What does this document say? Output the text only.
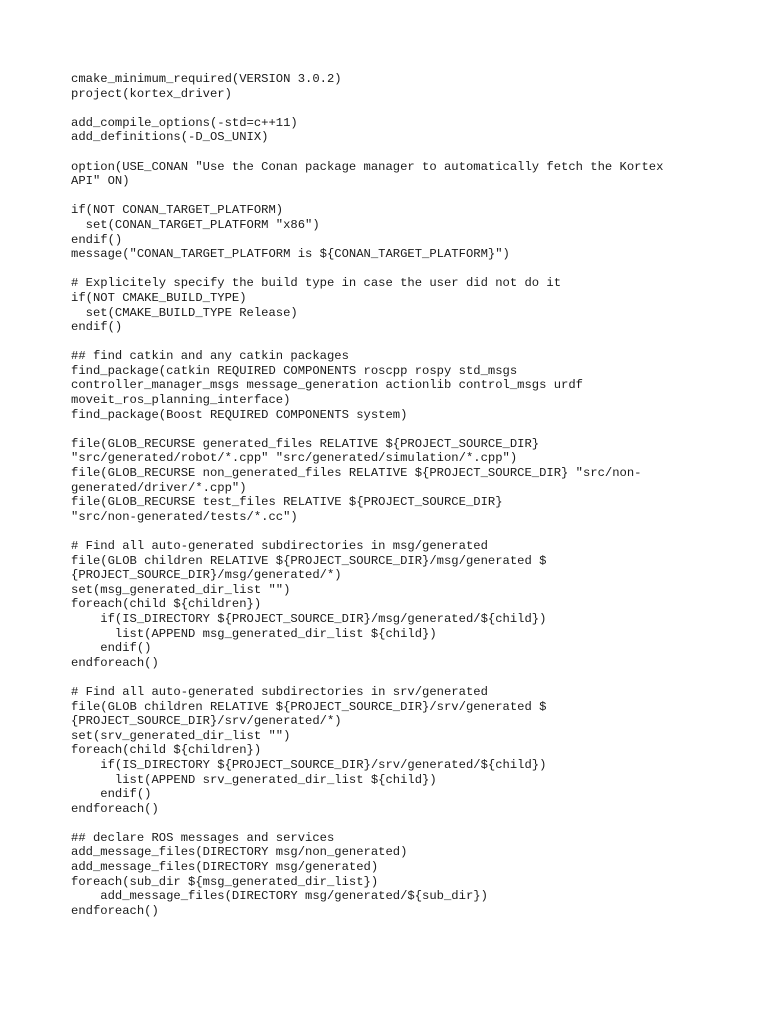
cmake_minimum_required(VERSION 3.0.2)
project(kortex_driver)
add_compile_options(-std=c++11)
add_definitions(-D_OS_UNIX)
option(USE_CONAN "Use the Conan package manager to automatically fetch the Kortex
API" ON)
if(NOT CONAN_TARGET_PLATFORM)
set(CONAN_TARGET_PLATFORM "x86")
endif()
message("CONAN_TARGET_PLATFORM is ${CONAN_TARGET_PLATFORM}")
# Explicitely specify the build type in case the user did not do it
if(NOT CMAKE_BUILD_TYPE)
set(CMAKE_BUILD_TYPE Release)
endif()
## find catkin and any catkin packages
find_package(catkin REQUIRED COMPONENTS roscpp rospy std_msgs
controller_manager_msgs message_generation actionlib control_msgs urdf
moveit_ros_planning_interface)
find_package(Boost REQUIRED COMPONENTS system)
file(GLOB_RECURSE generated_files RELATIVE ${PROJECT_SOURCE_DIR}
"src/generated/robot/*.cpp" "src/generated/simulation/*.cpp")
file(GLOB_RECURSE non_generated_files RELATIVE ${PROJECT_SOURCE_DIR} "src/non-
generated/driver/*.cpp")
file(GLOB_RECURSE test_files RELATIVE ${PROJECT_SOURCE_DIR}
"src/non-generated/tests/*.cc")
# Find all auto-generated subdirectories in msg/generated
file(GLOB children RELATIVE ${PROJECT_SOURCE_DIR}/msg/generated $
{PROJECT_SOURCE_DIR}/msg/generated/*)
set(msg_generated_dir_list "")
foreach(child ${children})
if(IS_DIRECTORY ${PROJECT_SOURCE_DIR}/msg/generated/${child})
list(APPEND msg_generated_dir_list ${child})
endif()
endforeach()
# Find all auto-generated subdirectories in srv/generated
file(GLOB children RELATIVE ${PROJECT_SOURCE_DIR}/srv/generated $
{PROJECT_SOURCE_DIR}/srv/generated/*)
set(srv_generated_dir_list "")
foreach(child ${children})
if(IS_DIRECTORY ${PROJECT_SOURCE_DIR}/srv/generated/${child})
list(APPEND srv_generated_dir_list ${child})
endif()
endforeach()
## declare ROS messages and services
add_message_files(DIRECTORY msg/non_generated)
add_message_files(DIRECTORY msg/generated)
foreach(sub_dir ${msg_generated_dir_list})
add_message_files(DIRECTORY msg/generated/${sub_dir})
endforeach()
